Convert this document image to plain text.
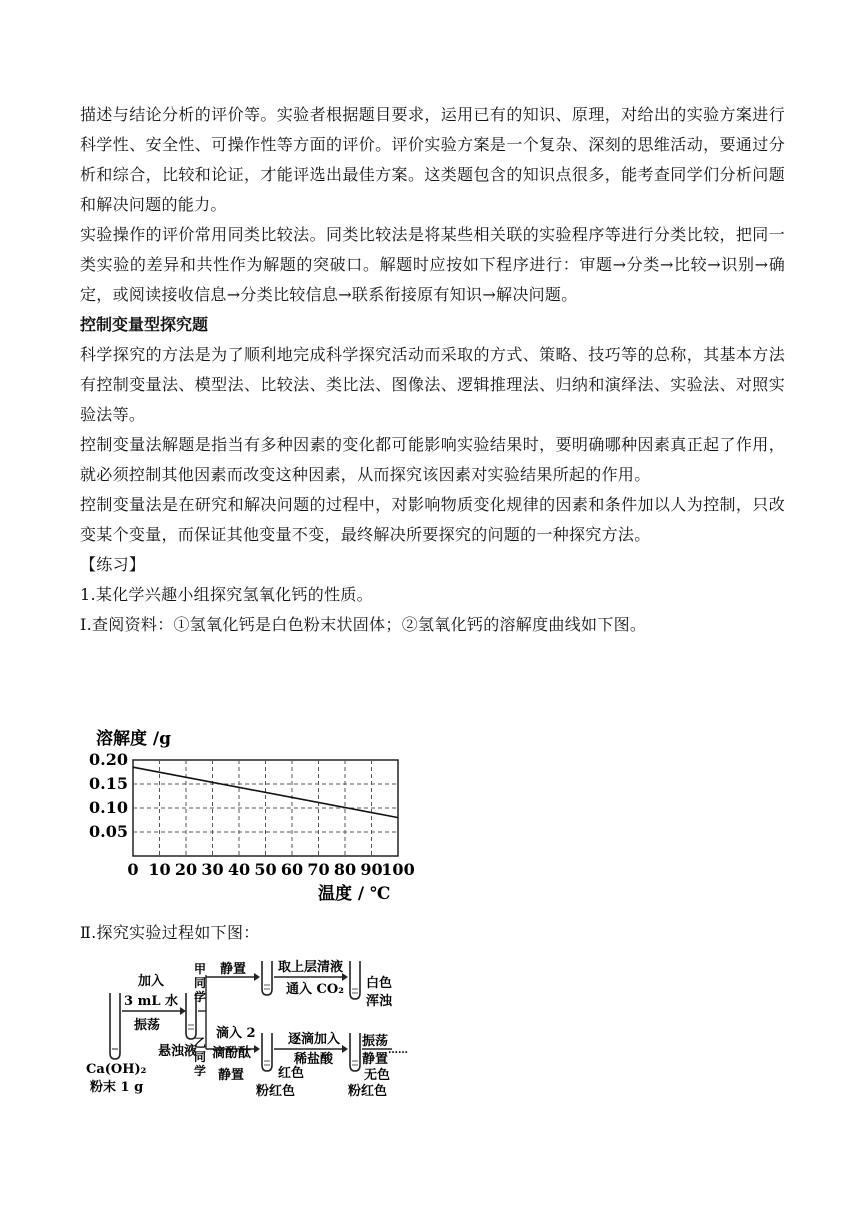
描述与结论分析的评价等。实验者根据题目要求，运用已有的知识、原理，对给出的实验方案进行科学性、安全性、可操作性等方面的评价。评价实验方案是一个复杂、深刻的思维活动，要通过分析和综合，比较和论证，才能评选出最佳方案。这类题包含的知识点很多，能考查同学们分析问题和解决问题的能力。

实验操作的评价常用同类比较法。同类比较法是将某些相关联的实验程序等进行分类比较，把同一类实验的差异和共性作为解题的突破口。解题时应按如下程序进行：审题→分类→比较→识别→确定，或阅读接收信息→分类比较信息→联系衔接原有知识→解决问题。

控制变量型探究题

科学探究的方法是为了顺利地完成科学探究活动而采取的方式、策略、技巧等的总称，其基本方法有控制变量法、模型法、比较法、类比法、图像法、逻辑推理法、归纳和演绎法、实验法、对照实验法等。

控制变量法解题是指当有多种因素的变化都可能影响实验结果时，要明确哪种因素真正起了作用，就必须控制其他因素而改变这种因素，从而探究该因素对实验结果所起的作用。

控制变量法是在研究和解决问题的过程中，对影响物质变化规律的因素和条件加以人为控制，只改变某个变量，而保证其他变量不变，最终解决所要探究的问题的一种探究方法。

【练习】

1.某化学兴趣小组探究氢氧化钙的性质。

Ⅰ.查阅资料：①氢氧化钙是白色粉末状固体；②氢氧化钙的溶解度曲线如下图。

溶解度 /g
0.20
0.15
0.10
0.05
0 10 20 30 40 50 60 70 80 90
100
温度 / ℃

Ⅱ.探究实验过程如下图：

Ca(OH)₂
粉末 1 g
加入
3 mL 水
振荡
悬浊液
甲同学
乙同学
静置 取上层清液
通入 CO₂ 白色
浑浊
滴入 2
滴酚酞
静置	红色
粉红色
逐滴加入
稀盐酸
振荡
静置
……
无色
粉红色
